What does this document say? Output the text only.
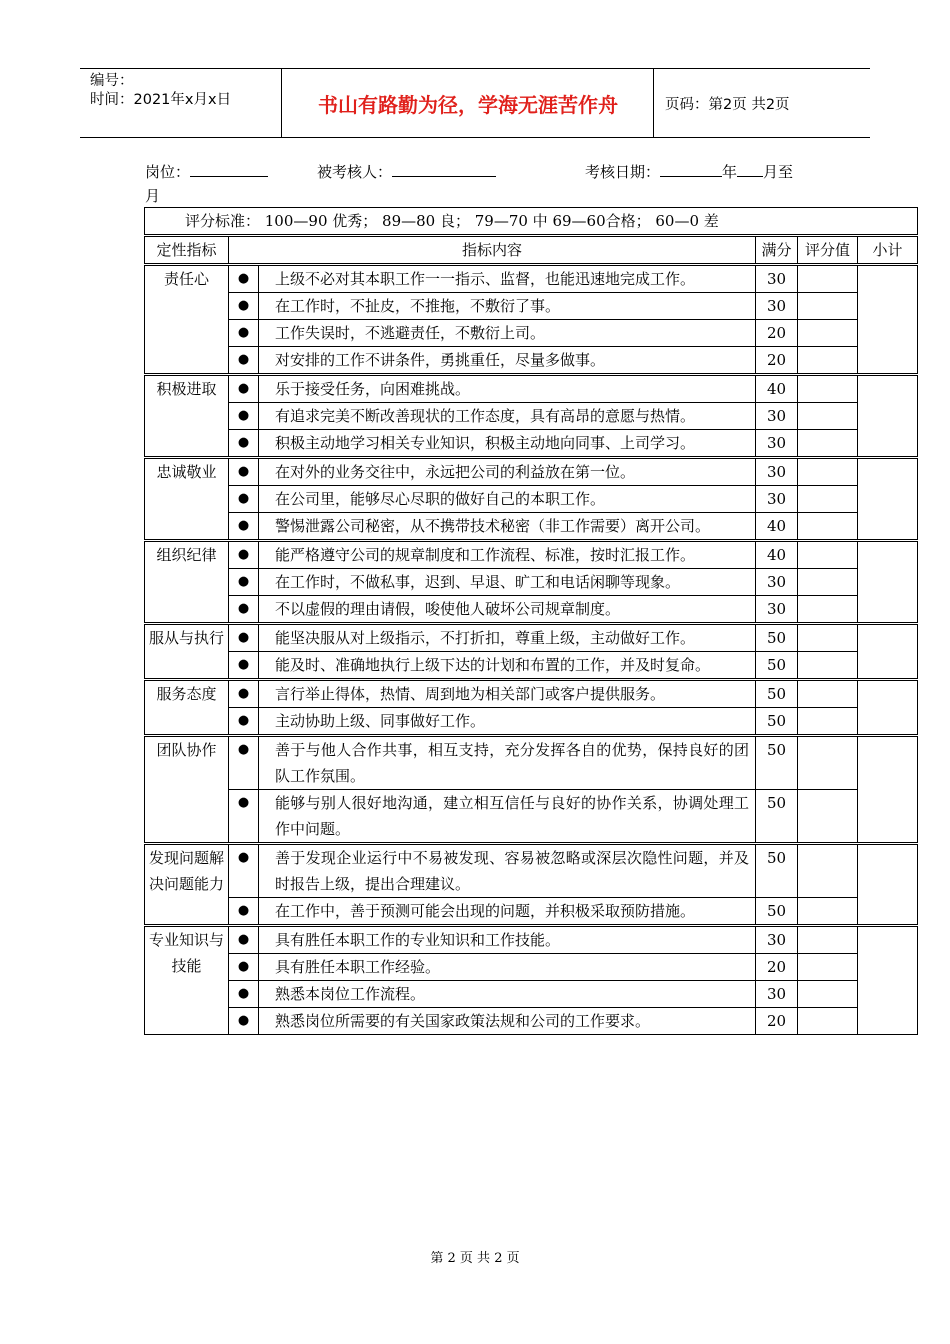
编号：
时间：2021年x月x日	书山有路勤为径，学海无涯苦作舟	页码：第2页 共2页
岗位：	被考核人：	考核日期：	年 月至
月
评分标准： 100—90 优秀； 89—80 良； 79—70 中 69—60合格； 60—0 差					
定性指标	指标内容		满分	评分值	小计
责任心	●	上级不必对其本职工作一一指示、监督，也能迅速地完成工作。	30		
	●	在工作时，不扯皮，不推拖，不敷衍了事。	30		
	●	工作失误时，不逃避责任，不敷衍上司。	20		
	●	对安排的工作不讲条件，勇挑重任，尽量多做事。	20		
积极进取	●	乐于接受任务，向困难挑战。	40		
	●	有追求完美不断改善现状的工作态度，具有高昂的意愿与热情。	30		
	●	积极主动地学习相关专业知识，积极主动地向同事、上司学习。	30		
忠诚敬业	●	在对外的业务交往中，永远把公司的利益放在第一位。	30		
	●	在公司里，能够尽心尽职的做好自己的本职工作。	30		
	●	警惕泄露公司秘密，从不携带技术秘密（非工作需要）离开公司。	40		
组织纪律	●	能严格遵守公司的规章制度和工作流程、标准，按时汇报工作。	40		
	●	在工作时，不做私事，迟到、早退、旷工和电话闲聊等现象。	30		
	●	不以虚假的理由请假，唆使他人破坏公司规章制度。	30		
服从与执行	●	能坚决服从对上级指示，不打折扣，尊重上级，主动做好工作。	50		
	●	能及时、准确地执行上级下达的计划和布置的工作，并及时复命。	50		
服务态度	●	言行举止得体，热情、周到地为相关部门或客户提供服务。	50		
	●	主动协助上级、同事做好工作。	50		
团队协作	●	善于与他人合作共事，相互支持，充分发挥各自的优势，保持良好的团队工作氛围。	50		
	●	能够与别人很好地沟通，建立相互信任与良好的协作关系，协调处理工作中问题。	50		
发现问题解决问题能力	●	善于发现企业运行中不易被发现、容易被忽略或深层次隐性问题，并及时报告上级，提出合理建议。	50		
	●	在工作中，善于预测可能会出现的问题，并积极采取预防措施。	50		
专业知识与技能	●	具有胜任本职工作的专业知识和工作技能。	30		
	●	具有胜任本职工作经验。	20		
	●	熟悉本岗位工作流程。	30		
	●	熟悉岗位所需要的有关国家政策法规和公司的工作要求。	20		
第 2 页 共 2 页
